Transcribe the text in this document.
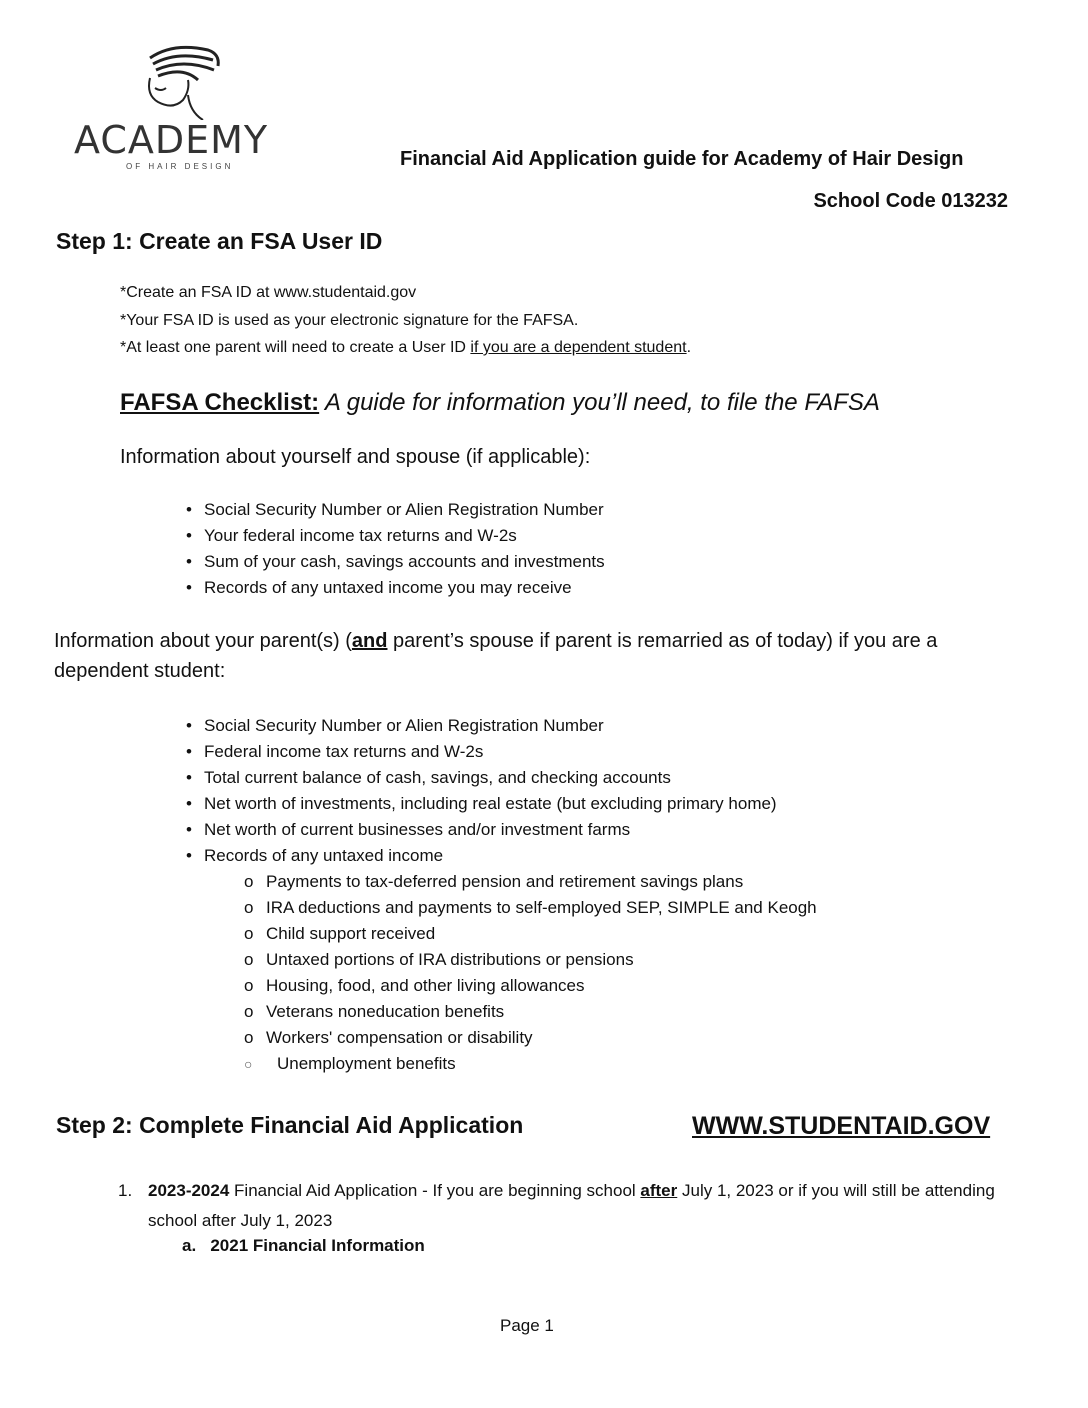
ACADEMY
OF HAIR DESIGN	Financial Aid Application guide for Academy of Hair Design
School Code 013232
Step 1: Create an FSA User ID
*Create an FSA ID at www.studentaid.gov
*Your FSA ID is used as your electronic signature for the FAFSA.
*At least one parent will need to create a User ID if you are a dependent student.
FAFSA Checklist: A guide for information you’ll need, to file the FAFSA
Information about yourself and spouse (if applicable):
• Social Security Number or Alien Registration Number
• Your federal income tax returns and W-2s
• Sum of your cash, savings accounts and investments
• Records of any untaxed income you may receive
Information about your parent(s) (and parent’s spouse if parent is remarried as of today) if you are a dependent student:
• Social Security Number or Alien Registration Number
• Federal income tax returns and W-2s
• Total current balance of cash, savings, and checking accounts
• Net worth of investments, including real estate (but excluding primary home)
• Net worth of current businesses and/or investment farms
• Records of any untaxed income
o Payments to tax-deferred pension and retirement savings plans
o IRA deductions and payments to self-employed SEP, SIMPLE and Keogh
o Child support received
o Untaxed portions of IRA distributions or pensions
o Housing, food, and other living allowances
o Veterans noneducation benefits
o Workers' compensation or disability
○ Unemployment benefits
Step 2: Complete Financial Aid Application	WWW.STUDENTAID.GOV
1. 2023-2024 Financial Aid Application - If you are beginning school after July 1, 2023 or if you will still be attending school after July 1, 2023
a.   2021 Financial Information
Page 1
